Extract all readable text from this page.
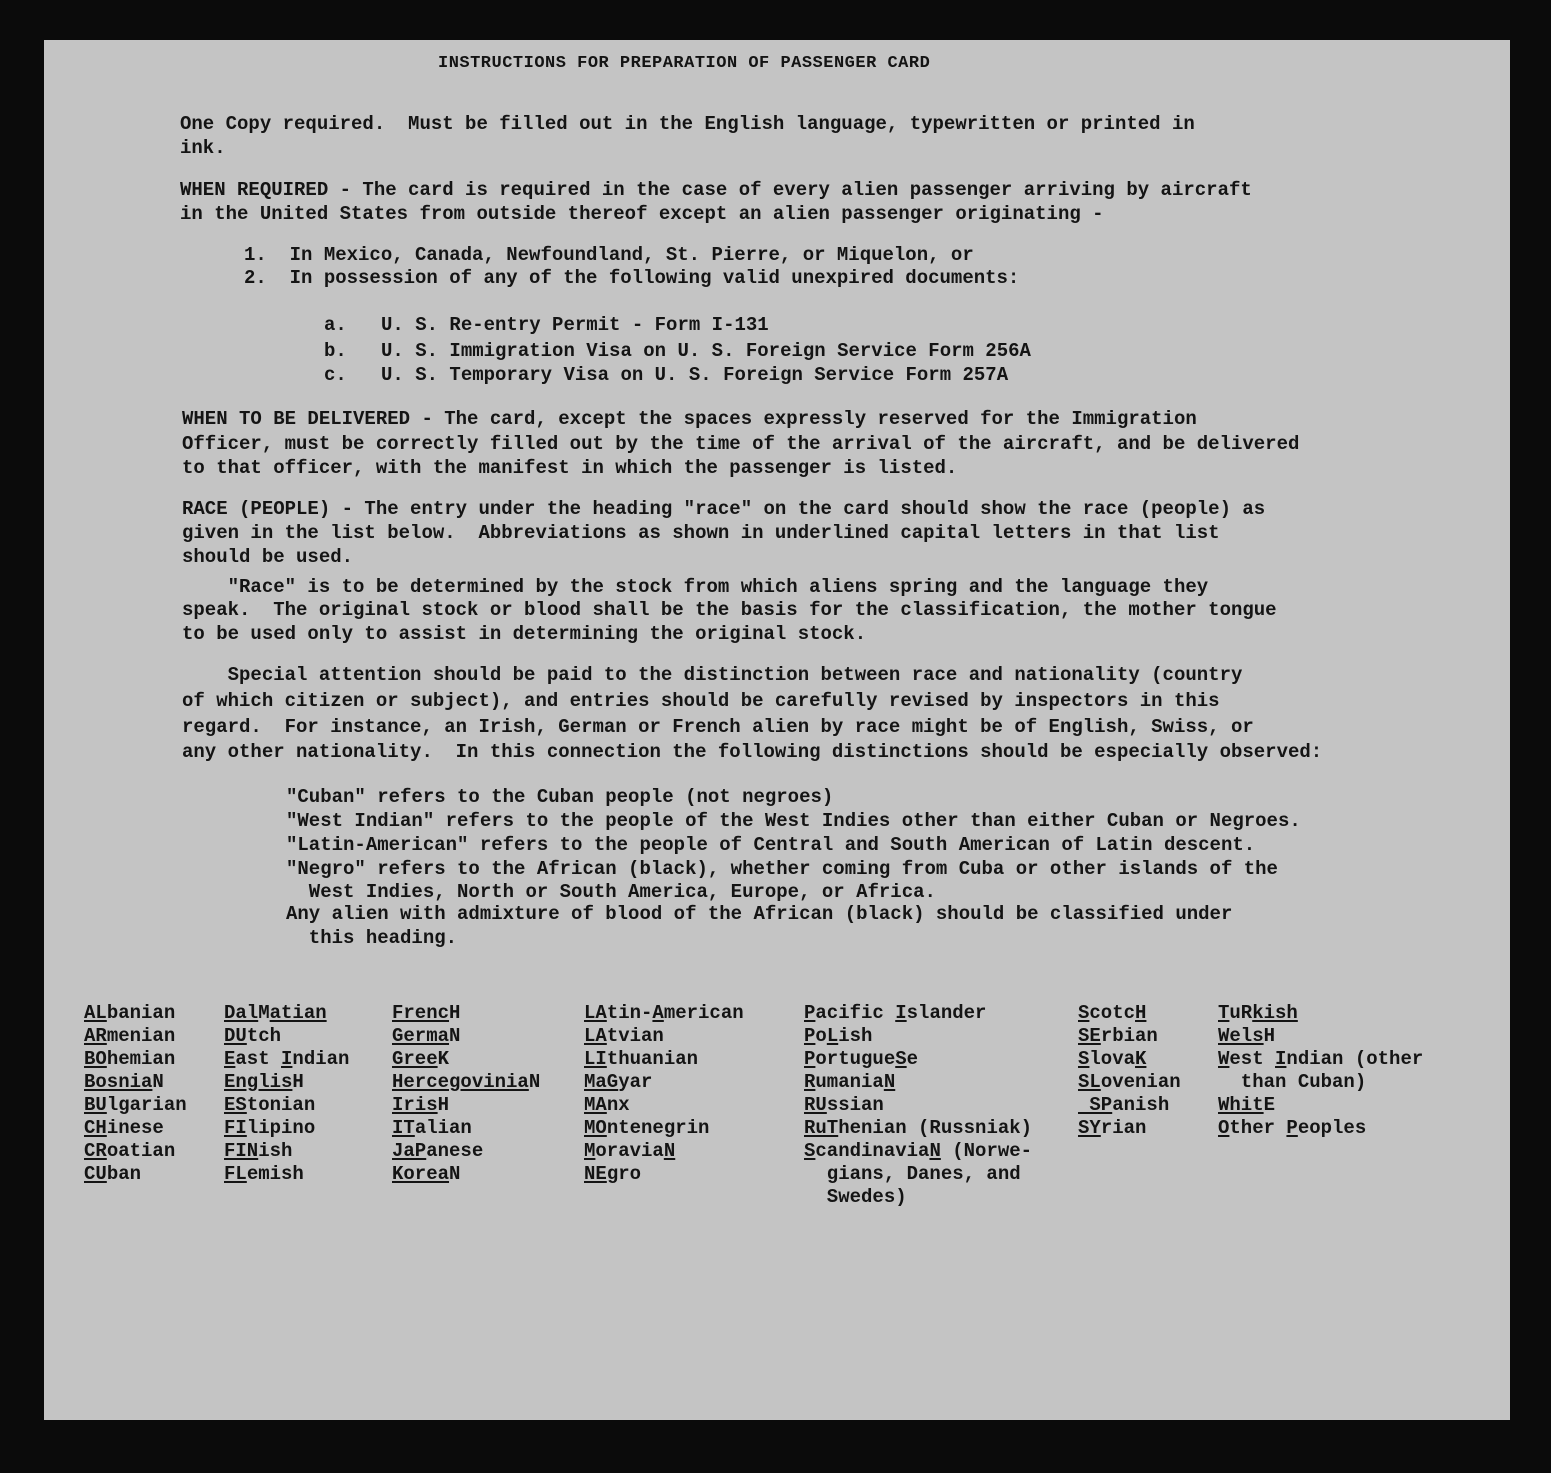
INSTRUCTIONS FOR PREPARATION OF PASSENGER CARD
One Copy required.  Must be filled out in the English language, typewritten or printed in
ink.
WHEN REQUIRED - The card is required in the case of every alien passenger arriving by aircraft
in the United States from outside thereof except an alien passenger originating -
1.  In Mexico, Canada, Newfoundland, St. Pierre, or Miquelon, or
2.  In possession of any of the following valid unexpired documents:
a.   U. S. Re-entry Permit - Form I-131
b.   U. S. Immigration Visa on U. S. Foreign Service Form 256A
c.   U. S. Temporary Visa on U. S. Foreign Service Form 257A
WHEN TO BE DELIVERED - The card, except the spaces expressly reserved for the Immigration
Officer, must be correctly filled out by the time of the arrival of the aircraft, and be delivered
to that officer, with the manifest in which the passenger is listed.
RACE (PEOPLE) - The entry under the heading "race" on the card should show the race (people) as
given in the list below.  Abbreviations as shown in underlined capital letters in that list
should be used.
"Race" is to be determined by the stock from which aliens spring and the language they
speak.  The original stock or blood shall be the basis for the classification, the mother tongue
to be used only to assist in determining the original stock.
Special attention should be paid to the distinction between race and nationality (country
of which citizen or subject), and entries should be carefully revised by inspectors in this
regard.  For instance, an Irish, German or French alien by race might be of English, Swiss, or
any other nationality.  In this connection the following distinctions should be especially observed:
"Cuban" refers to the Cuban people (not negroes)
"West Indian" refers to the people of the West Indies other than either Cuban or Negroes.
"Latin-American" refers to the people of Central and South American of Latin descent.
"Negro" refers to the African (black), whether coming from Cuba or other islands of the
West Indies, North or South America, Europe, or Africa.
Any alien with admixture of blood of the African (black) should be classified under
this heading.
ALbanian
ARmenian
BOhemian
BosniaN
BUlgarian
CHinese
CRoatian
CUban
DalMatian
DUtch
East Indian
EnglisH
EStonian
FIlipino
FINish
FLemish
FrencH
GermaN
GreeK
HercegoviniaN
IrisH
ITalian
JaPanese
KoreaN
LAtin-American
LAtvian
LIthuanian
MaGyar
MAnx
MOntenegrin
MoraviaN
NEgro
Pacific Islander
PoLish
PortugueSe
RumaniaN
RUssian
RuThenian (Russniak)
ScandinaviaN (Norwe-
gians, Danes, and
Swedes)
ScotcH
SErbian
SlovaK
SLovenian
SPanish
SYrian
TuRkish
WelsH
West Indian (other
than Cuban)
WhitE
Other Peoples
